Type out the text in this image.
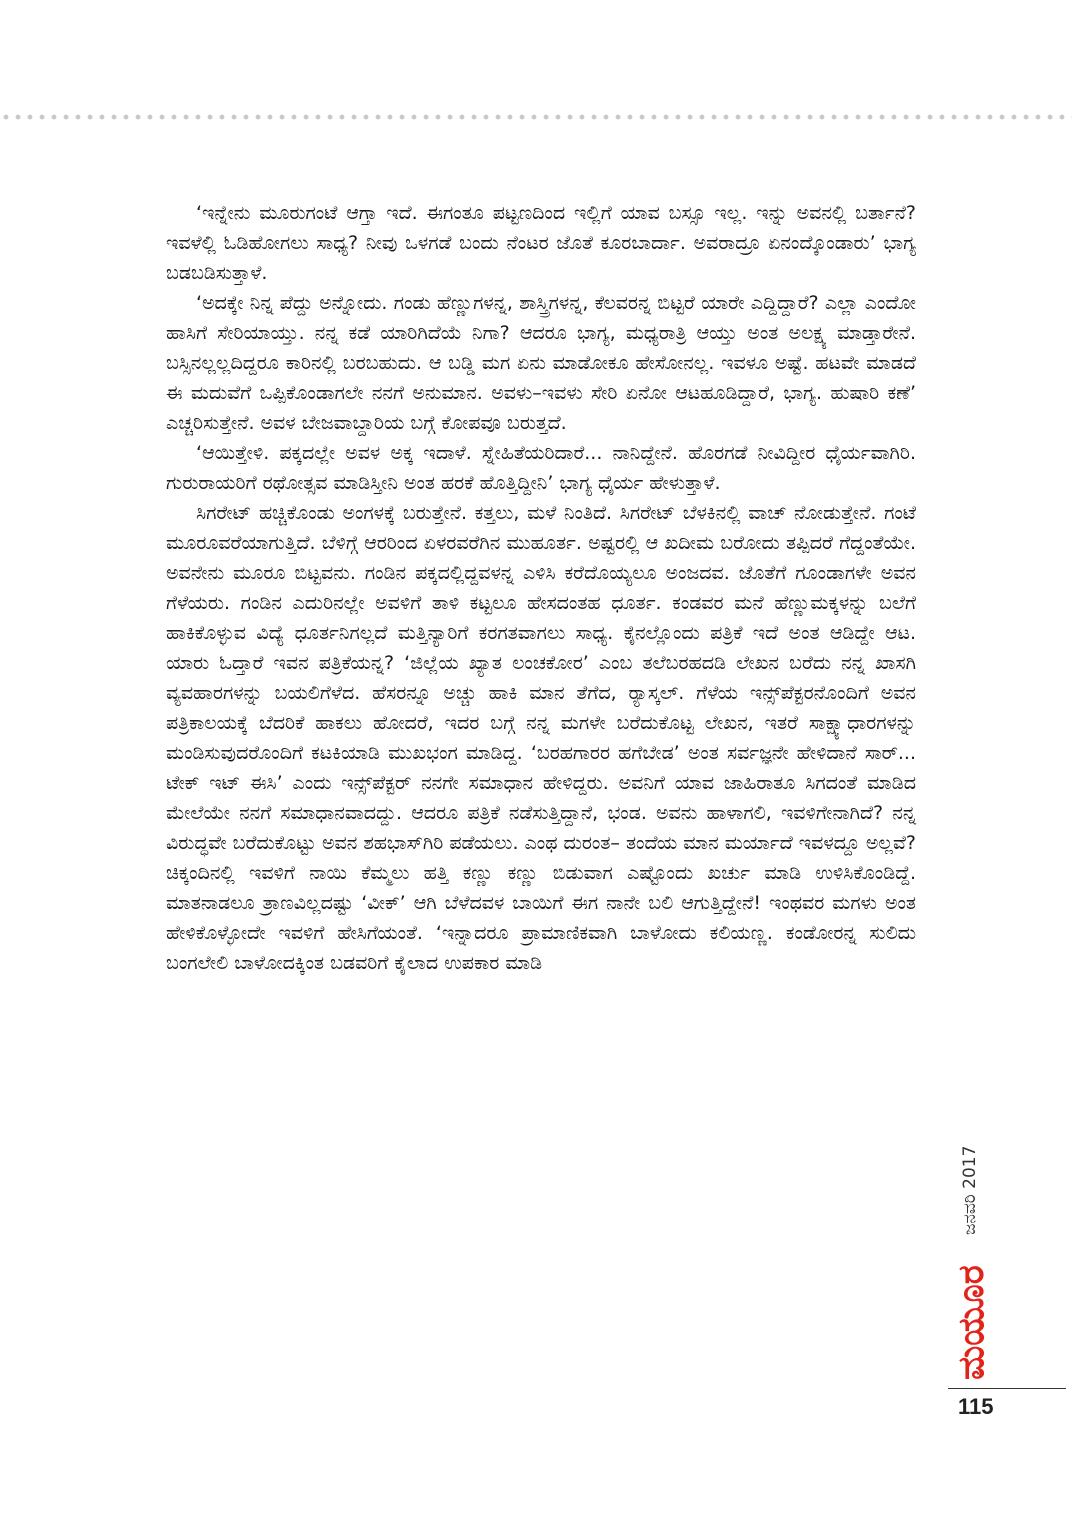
‘ಇನ್ನೇನು ಮೂರುಗಂಟೆ ಆಗ್ತಾ ಇದೆ. ಈಗಂತೂ ಪಟ್ಟಣದಿಂದ ಇಲ್ಲಿಗೆ ಯಾವ ಬಸ್ಸೂ ಇಲ್ಲ. ಇನ್ನು ಅವನಲ್ಲಿ ಬರ್ತಾನೆ? ಇವಳೆಲ್ಲಿ ಓಡಿಹೋಗಲು ಸಾಧ್ಯ? ನೀವು ಒಳಗಡೆ ಬಂದು ನೆಂಟರ ಜೊತೆ ಕೂರಬಾರ್ದಾ. ಅವರಾದ್ರೂ ಏನಂದ್ಕೊಂಡಾರು’ ಭಾಗ್ಯ ಬಡಬಡಿಸುತ್ತಾಳೆ.

‘ಅದಕ್ಕೇ ನಿನ್ನ ಪೆದ್ದು ಅನ್ನೋದು. ಗಂಡು ಹೆಣ್ಣುಗಳನ್ನ, ಶಾಸ್ತ್ರಿಗಳನ್ನ, ಕೆಲವರನ್ನ ಬಿಟ್ಟರೆ ಯಾರೇ ಎದ್ದಿದ್ದಾರೆ? ಎಲ್ಲಾ ಎಂದೋ ಹಾಸಿಗೆ ಸೇರಿಯಾಯ್ತು. ನನ್ನ ಕಡೆ ಯಾರಿಗಿದೆಯೆ ನಿಗಾ? ಆದರೂ ಭಾಗ್ಯ, ಮಧ್ಯರಾತ್ರಿ ಆಯ್ತು ಅಂತ ಅಲಕ್ಷ್ಯ ಮಾಡ್ತಾರೇನೆ. ಬಸ್ಸಿನಲ್ಲಲ್ಲದಿದ್ದರೂ ಕಾರಿನಲ್ಲಿ ಬರಬಹುದು. ಆ ಬಡ್ಡಿ ಮಗ ಏನು ಮಾಡೋಕೂ ಹೇಸೋನಲ್ಲ. ಇವಳೂ ಅಷ್ಟೆ. ಹಟವೇ ಮಾಡದೆ ಈ ಮದುವೆಗೆ ಒಪ್ಪಿಕೊಂಡಾಗಲೇ ನನಗೆ ಅನುಮಾನ. ಅವಳು–ಇವಳು ಸೇರಿ ಏನೋ ಆಟಹೂಡಿದ್ದಾರೆ, ಭಾಗ್ಯ. ಹುಷಾರಿ ಕಣೆ’ ಎಚ್ಚರಿಸುತ್ತೇನೆ. ಅವಳ ಬೇಜವಾಬ್ದಾರಿಯ ಬಗ್ಗೆ ಕೋಪವೂ ಬರುತ್ತದೆ.

‘ಆಯಿತ್ತೇಳಿ. ಪಕ್ಕದಲ್ಲೇ ಅವಳ ಅಕ್ಕ ಇದಾಳೆ. ಸ್ನೇಹಿತೆಯರಿದಾರೆ... ನಾನಿದ್ದೇನೆ. ಹೊರಗಡೆ ನೀವಿದ್ದೀರ ಧೈರ್ಯವಾಗಿರಿ. ಗುರುರಾಯರಿಗೆ ರಥೋತ್ಸವ ಮಾಡಿಸ್ತೀನಿ ಅಂತ ಹರಕೆ ಹೊತ್ತಿದ್ದೀನಿ’ ಭಾಗ್ಯ ಧೈರ್ಯ ಹೇಳುತ್ತಾಳೆ.

ಸಿಗರೇಟ್ ಹಚ್ಚಿಕೊಂಡು ಅಂಗಳಕ್ಕೆ ಬರುತ್ತೇನೆ. ಕತ್ತಲು, ಮಳೆ ನಿಂತಿದೆ. ಸಿಗರೇಟ್ ಬೆಳಕಿನಲ್ಲಿ ವಾಚ್ ನೋಡುತ್ತೇನೆ. ಗಂಟೆ ಮೂರೂವರೆಯಾಗುತ್ತಿದೆ. ಬೆಳಿಗ್ಗೆ ಆರರಿಂದ ಏಳರವರೆಗಿನ ಮುಹೂರ್ತ. ಅಷ್ಟರಲ್ಲಿ ಆ ಖದೀಮ ಬರೋದು ತಪ್ಪಿದರೆ ಗೆದ್ದಂತೆಯೇ. ಅವನೇನು ಮೂರೂ ಬಿಟ್ಟವನು. ಗಂಡಿನ ಪಕ್ಕದಲ್ಲಿದ್ದವಳನ್ನ ಎಳಿಸಿ ಕರೆದೊಯ್ಯಲೂ ಅಂಜದವ. ಜೊತೆಗೆ ಗೂಂಡಾಗಳೇ ಅವನ ಗೆಳೆಯರು. ಗಂಡಿನ ಎದುರಿನಲ್ಲೇ ಅವಳಿಗೆ ತಾಳಿ ಕಟ್ಟಲೂ ಹೇಸದಂತಹ ಧೂರ್ತ. ಕಂಡವರ ಮನೆ ಹೆಣ್ಣುಮಕ್ಕಳನ್ನು ಬಲೆಗೆ ಹಾಕಿಕೊಳ್ಳುವ ವಿದ್ಯೆ ಧೂರ್ತನಿಗಲ್ಲದೆ ಮತ್ತಿನ್ಯಾರಿಗೆ ಕರಗತವಾಗಲು ಸಾಧ್ಯ. ಕೈನಲ್ಲೊಂದು ಪತ್ರಿಕೆ ಇದೆ ಅಂತ ಆಡಿದ್ದೇ ಆಟ. ಯಾರು ಓದ್ತಾರೆ ಇವನ ಪತ್ರಿಕೆಯನ್ನ? ‘ಜಿಲ್ಲೆಯ ಖ್ಯಾತ ಲಂಚಕೋರ’ ಎಂಬ ತಲೆಬರಹದಡಿ ಲೇಖನ ಬರೆದು ನನ್ನ ಖಾಸಗಿ ವ್ಯವಹಾರಗಳನ್ನು ಬಯಲಿಗೆಳೆದ. ಹೆಸರನ್ನೂ ಅಚ್ಚು ಹಾಕಿ ಮಾನ ತೆಗೆದ, ರ್‍ಯಾಸ್ಕಲ್. ಗೆಳೆಯ ಇನ್ಸ್‌ಪೆಕ್ಟರನೊಂದಿಗೆ ಅವನ ಪತ್ರಿಕಾಲಯಕ್ಕೆ ಬೆದರಿಕೆ ಹಾಕಲು ಹೋದರೆ, ಇದರ ಬಗ್ಗೆ ನನ್ನ ಮಗಳೇ ಬರೆದುಕೊಟ್ಟ ಲೇಖನ, ಇತರೆ ಸಾಕ್ಷ್ಯಾಧಾರಗಳನ್ನು ಮಂಡಿಸುವುದರೊಂದಿಗೆ ಕಟಕಿಯಾಡಿ ಮುಖಭಂಗ ಮಾಡಿದ್ದ. ‘ಬರಹಗಾರರ ಹಗೆಬೇಡ’ ಅಂತ ಸರ್ವಜ್ಞನೇ ಹೇಳಿದಾನೆ ಸಾರ್... ಟೇಕ್ ಇಟ್ ಈಸಿ’ ಎಂದು ಇನ್ಸ್‌ಪೆಕ್ಟರ್ ನನಗೇ ಸಮಾಧಾನ ಹೇಳಿದ್ದರು. ಅವನಿಗೆ ಯಾವ ಜಾಹಿರಾತೂ ಸಿಗದಂತೆ ಮಾಡಿದ ಮೇಲೆಯೇ ನನಗೆ ಸಮಾಧಾನವಾದದ್ದು. ಆದರೂ ಪತ್ರಿಕೆ ನಡೆಸುತ್ತಿದ್ದಾನೆ, ಭಂಡ. ಅವನು ಹಾಳಾಗಲಿ, ಇವಳಿಗೇನಾಗಿದೆ? ನನ್ನ ವಿರುದ್ಧವೇ ಬರೆದುಕೊಟ್ಟು ಅವನ ಶಹಭಾಸ್‌ಗಿರಿ ಪಡೆಯಲು. ಎಂಥ ದುರಂತ– ತಂದೆಯ ಮಾನ ಮರ್ಯಾದೆ ಇವಳದ್ದೂ ಅಲ್ಲವೆ? ಚಿಕ್ಕಂದಿನಲ್ಲಿ ಇವಳಿಗೆ ನಾಯಿ ಕೆಮ್ಮಲು ಹತ್ತಿ ಕಣ್ಣು ಕಣ್ಣು ಬಿಡುವಾಗ ಎಷ್ಟೊಂದು ಖರ್ಚು ಮಾಡಿ ಉಳಿಸಿಕೊಂಡಿದ್ದೆ. ಮಾತನಾಡಲೂ ತ್ರಾಣವಿಲ್ಲದಷ್ಟು ‘ವೀಕ್’ ಆಗಿ ಬೆಳೆದವಳ ಬಾಯಿಗೆ ಈಗ ನಾನೇ ಬಲಿ ಆಗುತ್ತಿದ್ದೇನೆ! ಇಂಥವರ ಮಗಳು ಅಂತ ಹೇಳಿಕೊಳ್ಳೋದೇ ಇವಳಿಗೆ ಹೇಸಿಗೆಯಂತೆ. ‘ಇನ್ನಾದರೂ ಪ್ರಾಮಾಣಿಕವಾಗಿ ಬಾಳೋದು ಕಲಿಯಣ್ಣ. ಕಂಡೋರನ್ನ ಸುಲಿದು ಬಂಗಲೇಲಿ ಬಾಳೋದಕ್ಕಿಂತ ಬಡವರಿಗೆ ಕೈಲಾದ ಉಪಕಾರ ಮಾಡಿ

ಜನವರಿ 2017
ಮಯೂರ
115
